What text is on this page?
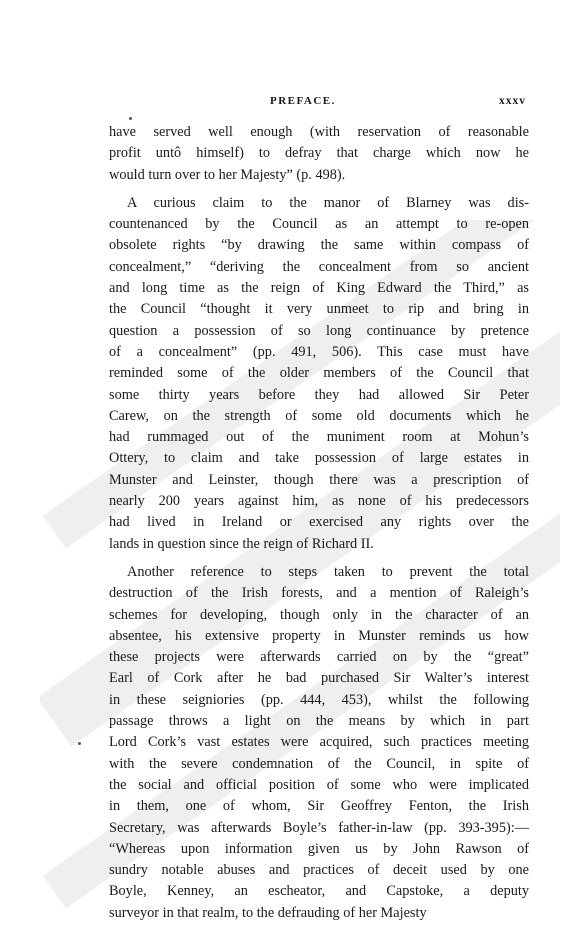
PREFACE.	xxxv

have served well enough (with reservation of reasonable
profit untô himself) to defray that charge which now he
would turn over to her Majesty” (p. 498).

A curious claim to the manor of Blarney was dis-
countenanced by the Council as an attempt to re-open
obsolete rights “by drawing the same within compass of
concealment,” “deriving the concealment from so ancient
and long time as the reign of King Edward the Third,” as
the Council “thought it very unmeet to rip and bring in
question a possession of so long continuance by pretence
of a concealment” (pp. 491, 506). This case must have
reminded some of the older members of the Council that
some thirty years before they had allowed Sir Peter
Carew, on the strength of some old documents which he
had rummaged out of the muniment room at Mohun’s
Ottery, to claim and take possession of large estates in
Munster and Leinster, though there was a prescription of
nearly 200 years against him, as none of his predecessors
had lived in Ireland or exercised any rights over the
lands in question since the reign of Richard II.

Another reference to steps taken to prevent the total
destruction of the Irish forests, and a mention of Raleigh’s
schemes for developing, though only in the character of an
absentee, his extensive property in Munster reminds us how
these projects were afterwards carried on by the “great”
Earl of Cork after he bad purchased Sir Walter’s interest
in these seigniories (pp. 444, 453), whilst the following
passage throws a light on the means by which in part
Lord Cork’s vast estates were acquired, such practices meeting
with the severe condemnation of the Council, in spite of
the social and official position of some who were implicated
in them, one of whom, Sir Geoffrey Fenton, the Irish
Secretary, was afterwards Boyle’s father-in-law (pp. 393-395):—
“Whereas upon information given us by John Rawson of
sundry notable abuses and practices of deceit used by one
Boyle, Kenney, an escheator, and Capstoke, a deputy
surveyor in that realm, to the defrauding of her Majesty
